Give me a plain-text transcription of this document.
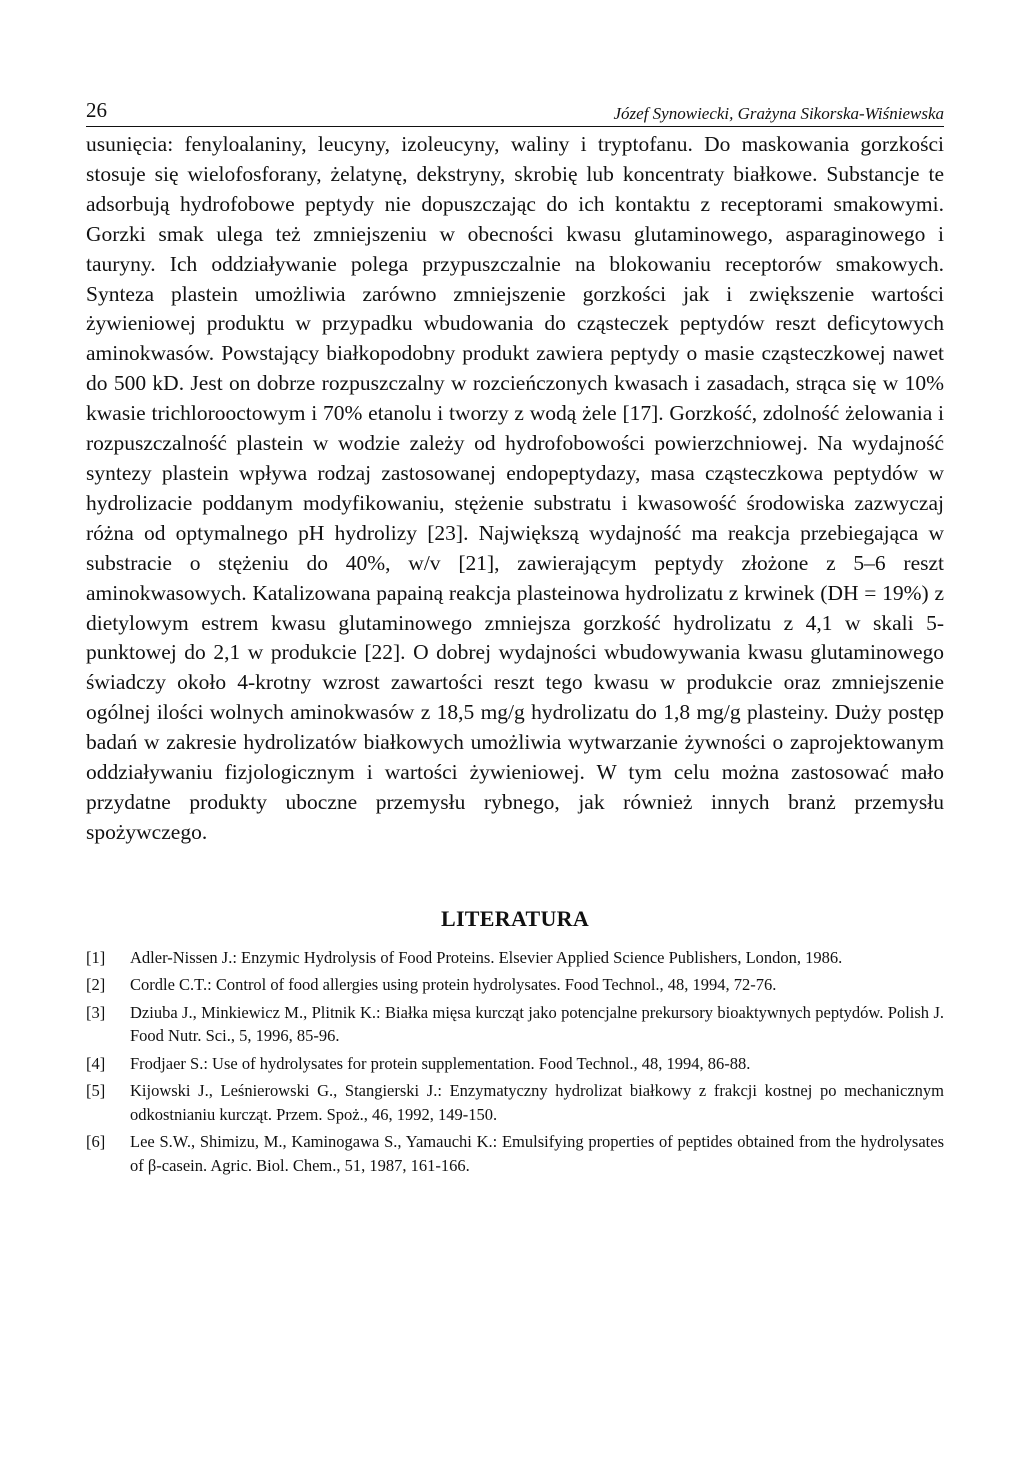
26	Józef Synowiecki, Grażyna Sikorska-Wiśniewska
usunięcia: fenyloalaniny, leucyny, izoleucyny, waliny i tryptofanu. Do maskowania gorzkości stosuje się wielofosforany, żelatynę, dekstryny, skrobię lub koncentraty białkowe. Substancje te adsorbują hydrofobowe peptydy nie dopuszczając do ich kontaktu z receptorami smakowymi. Gorzki smak ulega też zmniejszeniu w obecności kwasu glutaminowego, asparaginowego i tauryny. Ich oddziaływanie polega przypuszczalnie na blokowaniu receptorów smakowych. Synteza plastein umożliwia zarówno zmniejszenie gorzkości jak i zwiększenie wartości żywieniowej produktu w przypadku wbudowania do cząsteczek peptydów reszt deficytowych aminokwasów. Powstający białkopodobny produkt zawiera peptydy o masie cząsteczkowej nawet do 500 kD. Jest on dobrze rozpuszczalny w rozcieńczonych kwasach i zasadach, strąca się w 10% kwasie trichlorooctowym i 70% etanolu i tworzy z wodą żele [17]. Gorzkość, zdolność żelowania i rozpuszczalność plastein w wodzie zależy od hydrofobowości powierzchniowej. Na wydajność syntezy plastein wpływa rodzaj zastosowanej endopeptydazy, masa cząsteczkowa peptydów w hydrolizacie poddanym modyfikowaniu, stężenie substratu i kwasowość środowiska zazwyczaj różna od optymalnego pH hydrolizy [23]. Największą wydajność ma reakcja przebiegająca w substracie o stężeniu do 40%, w/v [21], zawierającym peptydy złożone z 5–6 reszt aminokwasowych. Katalizowana papainą reakcja plasteinowa hydrolizatu z krwinek (DH = 19%) z dietylowym estrem kwasu glutaminowego zmniejsza gorzkość hydrolizatu z 4,1 w skali 5-punktowej do 2,1 w produkcie [22]. O dobrej wydajności wbudowywania kwasu glutaminowego świadczy około 4-krotny wzrost zawartości reszt tego kwasu w produkcie oraz zmniejszenie ogólnej ilości wolnych aminokwasów z 18,5 mg/g hydrolizatu do 1,8 mg/g plasteiny. Duży postęp badań w zakresie hydrolizatów białkowych umożliwia wytwarzanie żywności o zaprojektowanym oddziaływaniu fizjologicznym i wartości żywieniowej. W tym celu można zastosować mało przydatne produkty uboczne przemysłu rybnego, jak również innych branż przemysłu spożywczego.
LITERATURA
[1]	Adler-Nissen J.: Enzymic Hydrolysis of Food Proteins. Elsevier Applied Science Publishers, London, 1986.
[2]	Cordle C.T.: Control of food allergies using protein hydrolysates. Food Technol., 48, 1994, 72-76.
[3]	Dziuba J., Minkiewicz M., Plitnik K.: Białka mięsa kurcząt jako potencjalne prekursory bioaktywnych peptydów. Polish J. Food Nutr. Sci., 5, 1996, 85-96.
[4]	Frodjaer S.: Use of hydrolysates for protein supplementation. Food Technol., 48, 1994, 86-88.
[5]	Kijowski J., Leśnierowski G., Stangierski J.: Enzymatyczny hydrolizat białkowy z frakcji kostnej po mechanicznym odkostnianiu kurcząt. Przem. Spoż., 46, 1992, 149-150.
[6]	Lee S.W., Shimizu, M., Kaminogawa S., Yamauchi K.: Emulsifying properties of peptides obtained from the hydrolysates of β-casein. Agric. Biol. Chem., 51, 1987, 161-166.
